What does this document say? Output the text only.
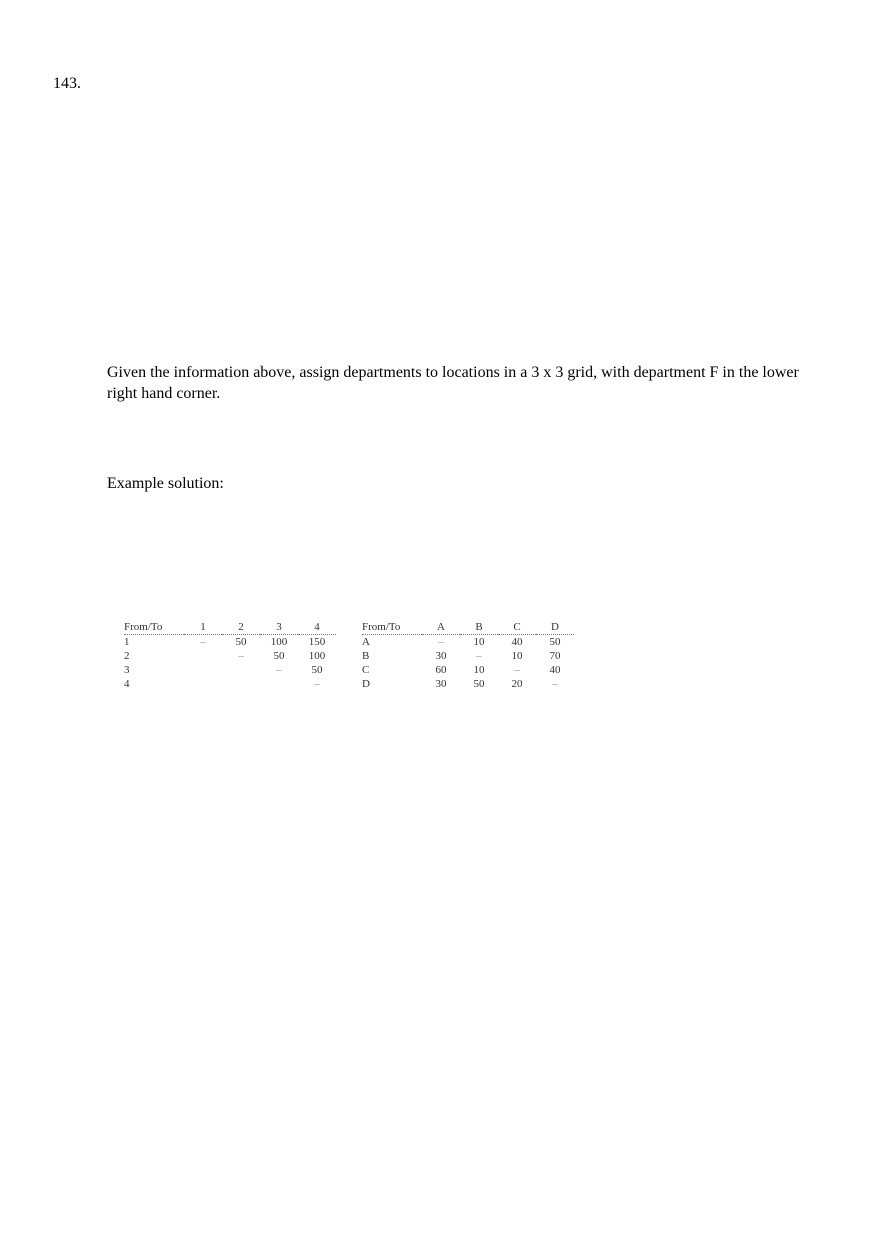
143.
Given the information above, assign departments to locations in a 3 x 3 grid, with department F in the lower right hand corner.
Example solution:
From/To	1	2	3	4
1	–	50	100	150
2		–	50	100
3			–	50
4				–
From/To	A	B	C	D
A	–	10	40	50
B	30	–	10	70
C	60	10	–	40
D	30	50	20	–
